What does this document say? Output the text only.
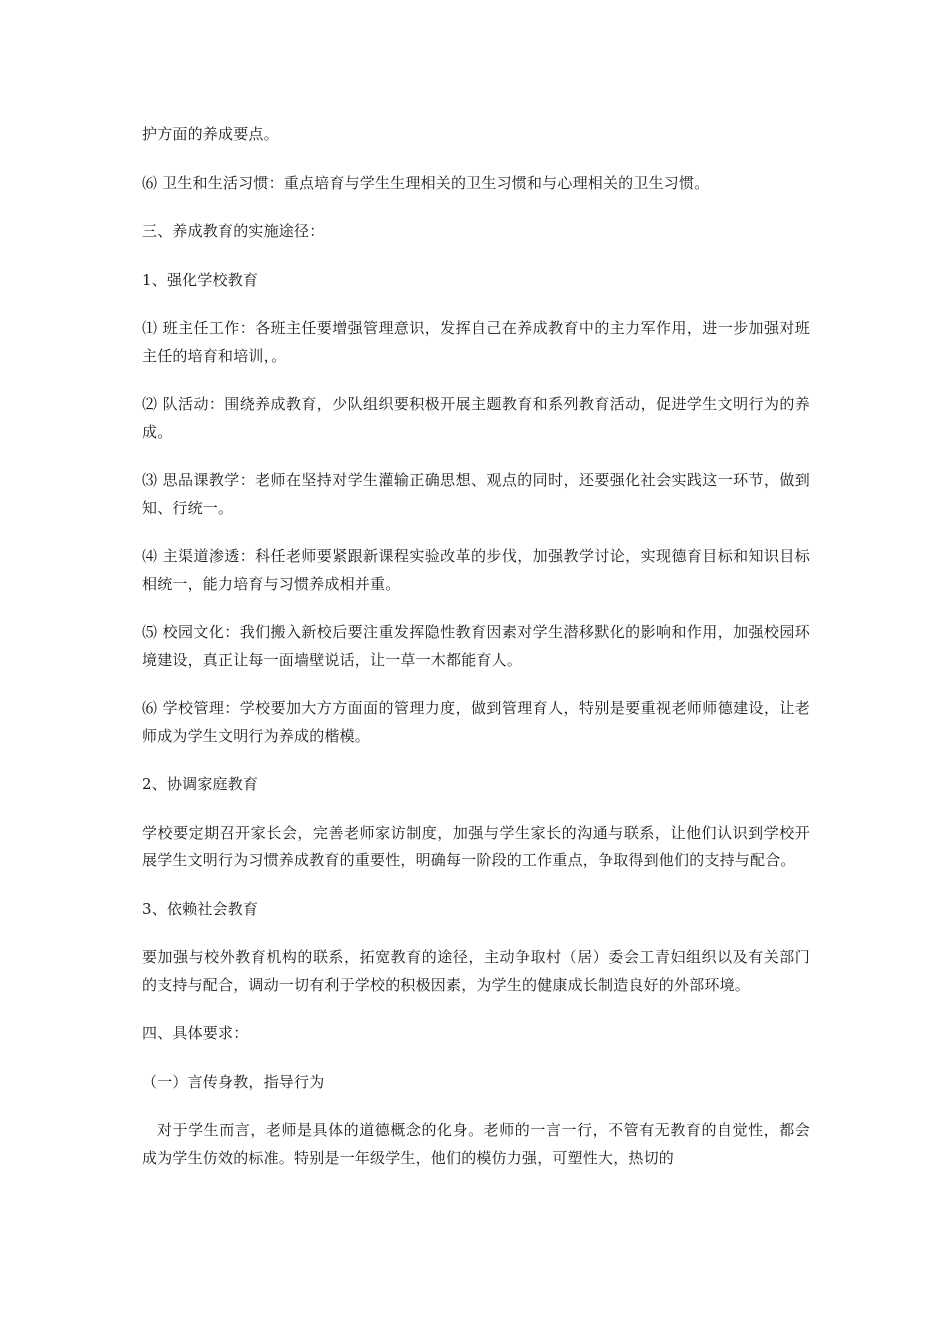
护方面的养成要点。

⑹ 卫生和生活习惯：重点培育与学生生理相关的卫生习惯和与心理相关的卫生习惯。

三、养成教育的实施途径：

1、强化学校教育

⑴ 班主任工作：各班主任要增强管理意识，发挥自己在养成教育中的主力军作用，进一步加强对班主任的培育和培训，。

⑵ 队活动：围绕养成教育，少队组织要积极开展主题教育和系列教育活动，促进学生文明行为的养成。

⑶ 思品课教学：老师在坚持对学生灌输正确思想、观点的同时，还要强化社会实践这一环节，做到知、行统一。

⑷ 主渠道渗透：科任老师要紧跟新课程实验改革的步伐，加强教学讨论，实现德育目标和知识目标相统一，能力培育与习惯养成相并重。

⑸ 校园文化：我们搬入新校后要注重发挥隐性教育因素对学生潜移默化的影响和作用，加强校园环境建设，真正让每一面墙壁说话，让一草一木都能育人。

⑹ 学校管理：学校要加大方方面面的管理力度，做到管理育人，特别是要重视老师师德建设，让老师成为学生文明行为养成的楷模。

2、协调家庭教育

学校要定期召开家长会，完善老师家访制度，加强与学生家长的沟通与联系，让他们认识到学校开展学生文明行为习惯养成教育的重要性，明确每一阶段的工作重点，争取得到他们的支持与配合。

3、依赖社会教育

要加强与校外教育机构的联系，拓宽教育的途径，主动争取村（居）委会工青妇组织以及有关部门的支持与配合，调动一切有利于学校的积极因素，为学生的健康成长制造良好的外部环境。

四、具体要求：

（一）言传身教，指导行为

对于学生而言，老师是具体的道德概念的化身。老师的一言一行，不管有无教育的自觉性，都会成为学生仿效的标准。特别是一年级学生，他们的模仿力强，可塑性大，热切的
